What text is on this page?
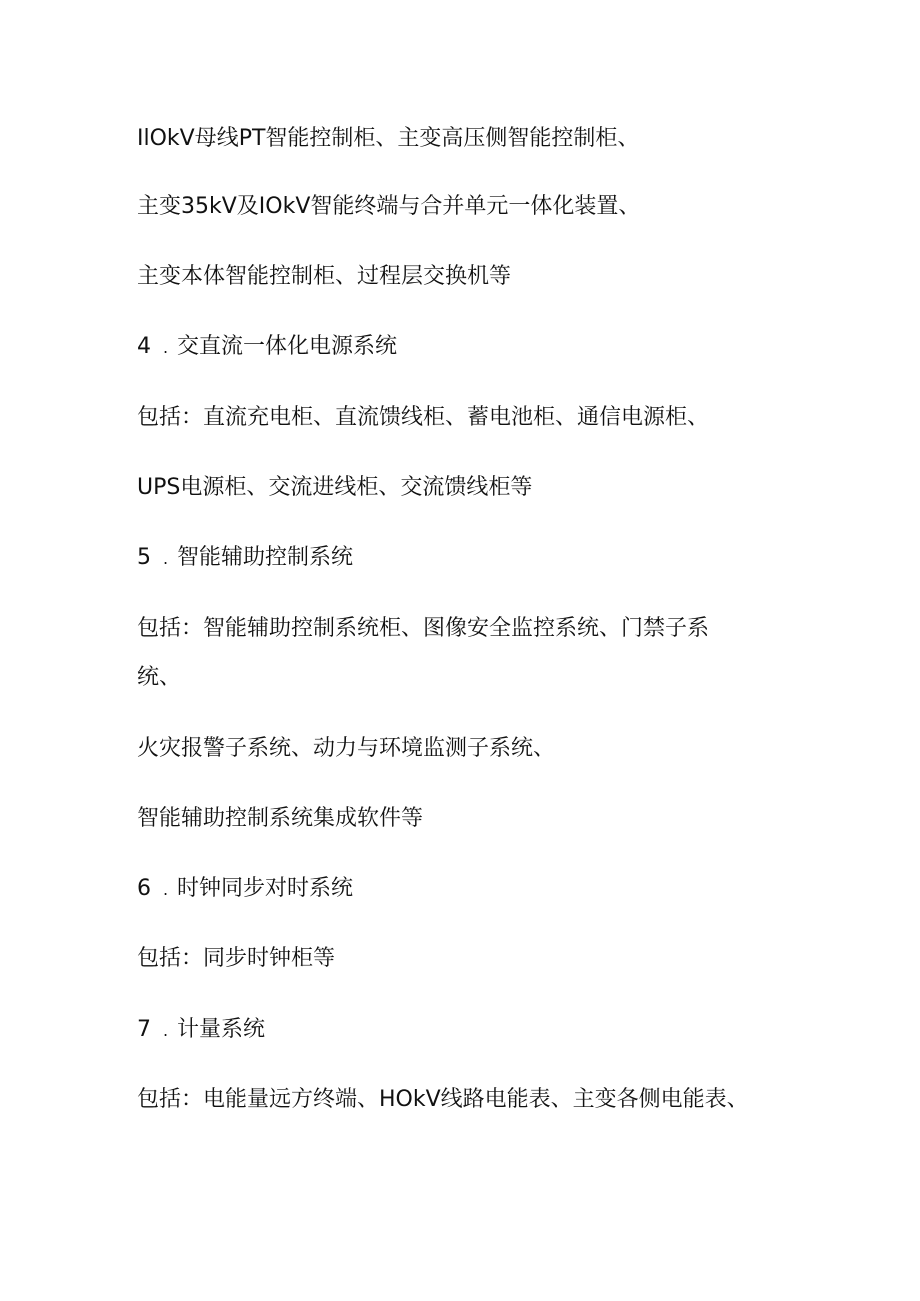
IlOkV母线PT智能控制柜、主变高压侧智能控制柜、
主变35kV及IOkV智能终端与合并单元一体化装置、
主变本体智能控制柜、过程层交换机等
4 . 交直流一体化电源系统
包括：直流充电柜、直流馈线柜、蓄电池柜、通信电源柜、
UPS电源柜、交流进线柜、交流馈线柜等
5 . 智能辅助控制系统
包括：智能辅助控制系统柜、图像安全监控系统、门禁子系
统、
火灾报警子系统、动力与环境监测子系统、
智能辅助控制系统集成软件等
6 . 时钟同步对时系统
包括：同步时钟柜等
7 . 计量系统
包括：电能量远方终端、HOkV线路电能表、主变各侧电能表、
